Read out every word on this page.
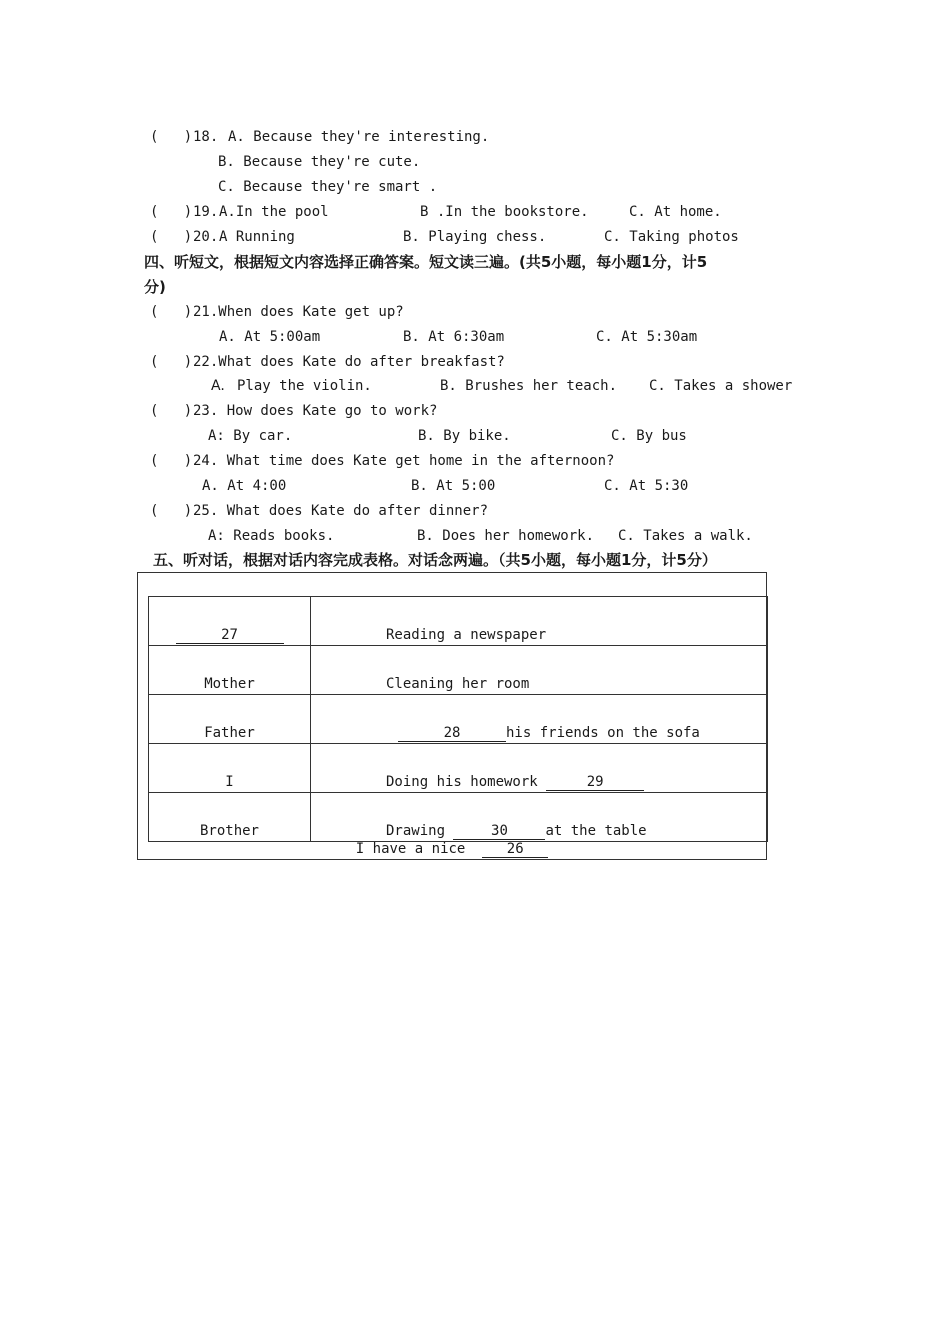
(   ) 18. A. Because they're interesting.
B. Because they're cute.
C. Because they're smart .
(   ) 19. A.In the pool	B .In the bookstore.	C. At home.
(   ) 20. A Running	B. Playing chess.	C. Taking photos
四、听短文，根据短文内容选择正确答案。短文读三遍。(共5小题，每小题1分，计5
分)
(   ) 21.When does Kate get up?
A. At 5:00am	B. At 6:30am	C. At 5:30am
(   ) 22.What does Kate do after breakfast?
A. Play the violin.	B. Brushes her teach. C. Takes a shower
(   ) 23. How does Kate go to work?
A: By car.	B. By bike.	C. By bus
(   ) 24. What time does Kate get home in the afternoon?
A. At 4:00	B. At 5:00	C. At 5:30
(   ) 25. What does Kate do after dinner?
A: Reads books.	B. Does her homework. C. Takes a walk.
五、听对话，根据对话内容完成表格。对话念两遍。（共5小题，每小题1分，计5分）
27	Reading a newspaper
Mother	Cleaning her room
Father	28 his friends on the sofa
I	Doing his homework 29
Brother	Drawing 30 at the table
I have a nice	26
